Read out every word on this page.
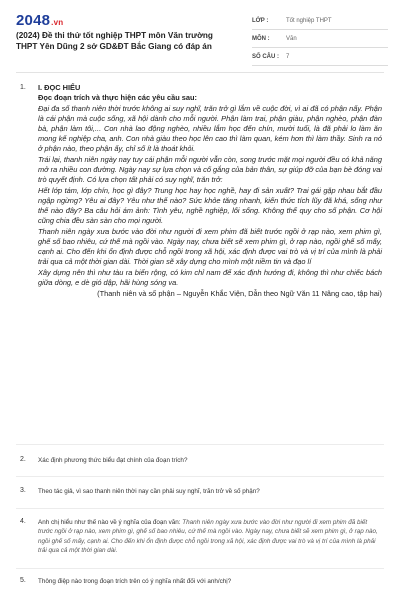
2048.vn
(2024) Đề thi thử tốt nghiệp THPT môn Văn trường THPT Yên Dũng 2 sở GD&ĐT Bắc Giang có đáp án
LỚP :	Tốt nghiệp THPT
MÔN :	Văn
SỐ CÂU :	7
1. I. ĐỌC HIỂU
Đọc đoạn trích và thực hiện các yêu cầu sau:

Đại đa số thanh niên thời trước không ai suy nghĩ, trăn trở gì lắm về cuộc đời, vì ai đã có phận nấy. Phận là cái phận mà cuộc sống, xã hội dành cho mỗi người. Phận làm trai, phận giàu, phận nghèo, phận đàn bà, phận làm tôi,... Con nhà lao động nghèo, nhiều lắm học đến chín, mười tuổi, là đã phải lo làm ăn mong kế nghiệp cha, anh. Con nhà giàu theo học lên cao thì làm quan, kém hơn thì làm thầy. Sinh ra nó ở phận nào, theo phận ấy, chỉ số ít là thoát khỏi.

Trái lại, thanh niên ngày nay tuy cái phận mỗi người vẫn còn, song trước mặt mọi người đều có khả năng mở ra nhiều con đường. Ngày nay sự lựa chọn và cố gắng của bản thân, sự giúp đỡ của bạn bè đóng vai trò quyết định. Có lựa chọn tất phải có suy nghĩ, trăn trở:

Hết lớp tám, lớp chín, học gì đây? Trung học hay học nghề, hay đi sản xuất? Trai gái gặp nhau bắt đầu ngập ngừng? Yêu ai đây? Yêu như thế nào? Sức khỏe tăng nhanh, kiến thức tích lũy đã khá, sống như thế nào đây? Ba câu hỏi ám ảnh: Tình yêu, nghề nghiệp, lối sống. Không thể quy cho số phận. Cơ hội cũng chia đều sàn sàn cho mọi người.

Thanh niên ngày xưa bước vào đời như người đi xem phim đã biết trước ngồi ở rạp nào, xem phim gì, ghế số bao nhiêu, cứ thế mà ngồi vào. Ngày nay, chưa biết sẽ xem phim gì, ở rạp nào, ngồi ghế số mấy, cạnh ai. Cho đến khi ổn định được chỗ ngồi trong xã hội, xác định được vai trò và vị trí của mình là phải trải qua cả một thời gian dài. Thời gian sẽ xây dựng cho mình một niềm tin và đạo lí

Xây dựng nên thì như tàu ra biển rộng, có kim chỉ nam để xác định hướng đi, không thì như chiếc bách giữa dòng, e dè gió dập, hãi hùng sóng va.

(Thanh niên và số phận – Nguyễn Khắc Viện, Dẫn theo Ngữ Văn 11 Nâng cao, tập hai)
2. Xác định phương thức biểu đạt chính của đoạn trích?
3. Theo tác giả, vì sao thanh niên thời nay cần phải suy nghĩ, trăn trở về số phận?
4. Anh chị hiểu như thế nào về ý nghĩa của đoạn văn: Thanh niên ngày xưa bước vào đời như người đi xem phim đã biết trước ngồi ở rạp nào, xem phim gì, ghế số bao nhiêu, cứ thế mà ngồi vào. Ngày nay, chưa biết sẽ xem phim gì, ở rạp nào, ngồi ghế số mấy, cạnh ai. Cho đến khi ổn định được chỗ ngồi trong xã hội, xác định được vai trò và vị trí của mình là phải trải qua cả một thời gian dài.
5. Thông điệp nào trong đoạn trích trên có ý nghĩa nhất đối với anh/chị?
